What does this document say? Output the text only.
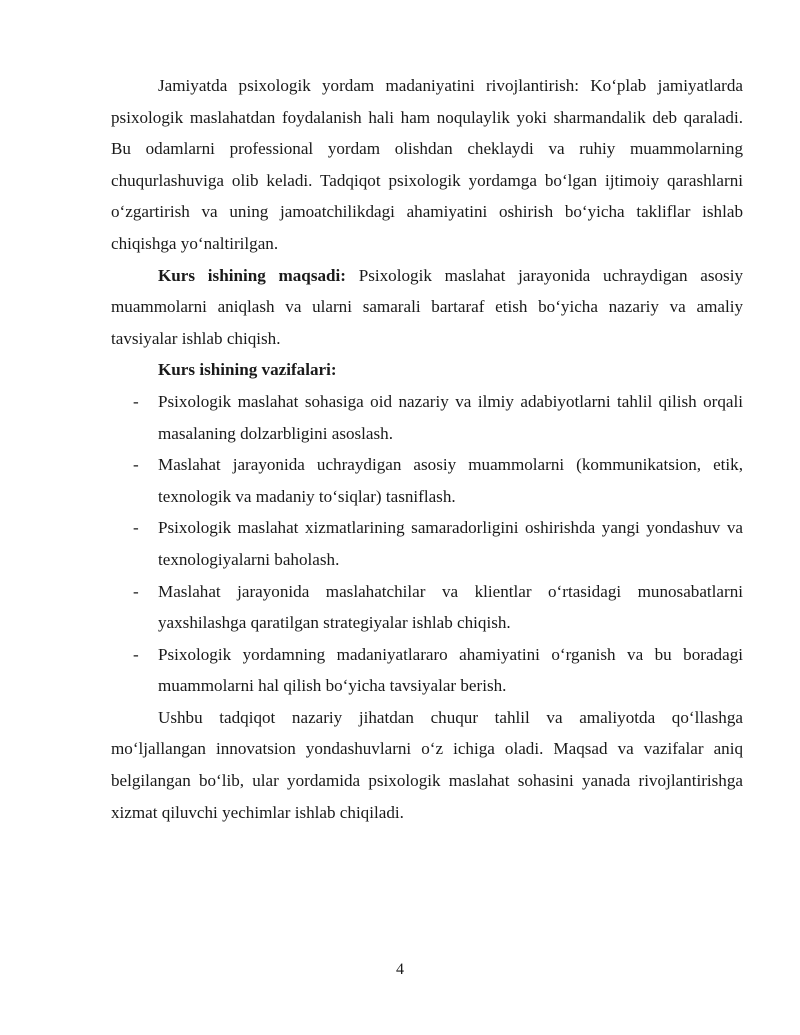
Jamiyatda psixologik yordam madaniyatini rivojlantirish: Ko‘plab jamiyatlarda psixologik maslahatdan foydalanish hali ham noqulaylik yoki sharmandalik deb qaraladi. Bu odamlarni professional yordam olishdan cheklaydi va ruhiy muammolarning chuqurlashuviga olib keladi. Tadqiqot psixologik yordamga bo‘lgan ijtimoiy qarashlarni o‘zgartirish va uning jamoatchilikdagi ahamiyatini oshirish bo‘yicha takliflar ishlab chiqishga yo‘naltirilgan.

Kurs ishining maqsadi: Psixologik maslahat jarayonida uchraydigan asosiy muammolarni aniqlash va ularni samarali bartaraf etish bo‘yicha nazariy va amaliy tavsiyalar ishlab chiqish.

Kurs ishining vazifalari:

- Psixologik maslahat sohasiga oid nazariy va ilmiy adabiyotlarni tahlil qilish orqali masalaning dolzarbligini asoslash.
- Maslahat jarayonida uchraydigan asosiy muammolarni (kommunikatsion, etik, texnologik va madaniy to‘siqlar) tasniflash.
- Psixologik maslahat xizmatlarining samaradorligini oshirishda yangi yondashuv va texnologiyalarni baholash.
- Maslahat jarayonida maslahatchilar va klientlar o‘rtasidagi munosabatlarni yaxshilashga qaratilgan strategiyalar ishlab chiqish.
- Psixologik yordamning madaniyatlararo ahamiyatini o‘rganish va bu boradagi muammolarni hal qilish bo‘yicha tavsiyalar berish.

Ushbu tadqiqot nazariy jihatdan chuqur tahlil va amaliyotda qo‘llashga mo‘ljallangan innovatsion yondashuvlarni o‘z ichiga oladi. Maqsad va vazifalar aniq belgilangan bo‘lib, ular yordamida psixologik maslahat sohasini yanada rivojlantirishga xizmat qiluvchi yechimlar ishlab chiqiladi.

4
